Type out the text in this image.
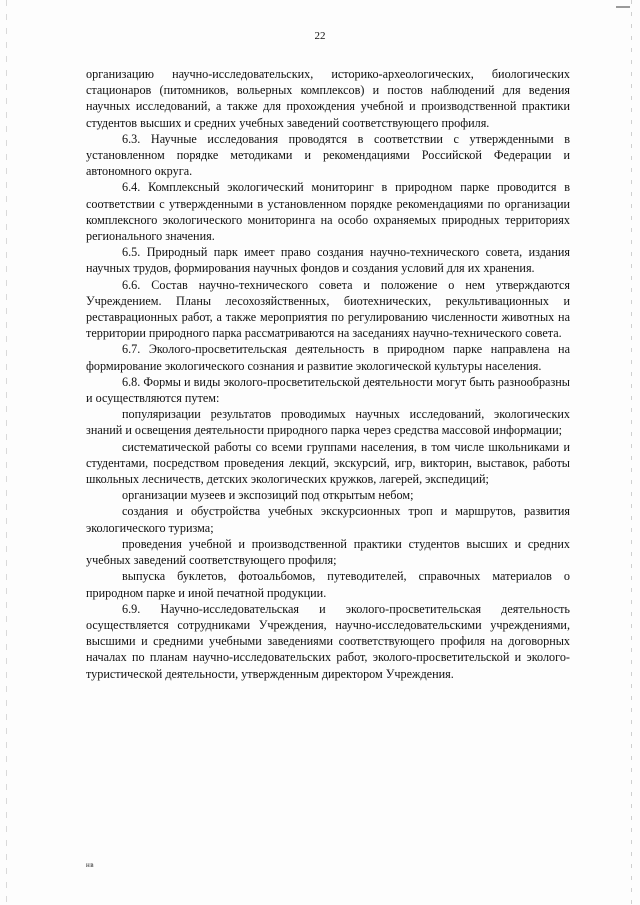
22

организацию научно-исследовательских, историко-археологических, биологических стационаров (питомников, вольерных комплексов) и постов наблюдений для ведения научных исследований, а также для прохождения учебной и производственной практики студентов высших и средних учебных заведений соответствующего профиля.

6.3. Научные исследования проводятся в соответствии с утвержденными в установленном порядке методиками и рекомендациями Российской Федерации и автономного округа.

6.4. Комплексный экологический мониторинг в природном парке проводится в соответствии с утвержденными в установленном порядке рекомендациями по организации комплексного экологического мониторинга на особо охраняемых природных территориях регионального значения.

6.5. Природный парк имеет право создания научно-технического совета, издания научных трудов, формирования научных фондов и создания условий для их хранения.

6.6. Состав научно-технического совета и положение о нем утверждаются Учреждением. Планы лесохозяйственных, биотехнических, рекультивационных и реставрационных работ, а также мероприятия по регулированию численности животных на территории природного парка рассматриваются на заседаниях научно-технического совета.

6.7. Эколого-просветительская деятельность в природном парке направлена на формирование экологического сознания и развитие экологической культуры населения.

6.8. Формы и виды эколого-просветительской деятельности могут быть разнообразны и осуществляются путем:

популяризации результатов проводимых научных исследований, экологических знаний и освещения деятельности природного парка через средства массовой информации;

систематической работы со всеми группами населения, в том числе школьниками и студентами, посредством проведения лекций, экскурсий, игр, викторин, выставок, работы школьных лесничеств, детских экологических кружков, лагерей, экспедиций;

организации музеев и экспозиций под открытым небом;

создания и обустройства учебных экскурсионных троп и маршрутов, развития экологического туризма;

проведения учебной и производственной практики студентов высших и средних учебных заведений соответствующего профиля;

выпуска буклетов, фотоальбомов, путеводителей, справочных материалов о природном парке и иной печатной продукции.

6.9. Научно-исследовательская и эколого-просветительская деятельность осуществляется сотрудниками Учреждения, научно-исследовательскими учреждениями, высшими и средними учебными заведениями соответствующего профиля на договорных началах по планам научно-исследовательских работ, эколого-просветительской и эколого-туристической деятельности, утвержденным директором Учреждения.

нв
